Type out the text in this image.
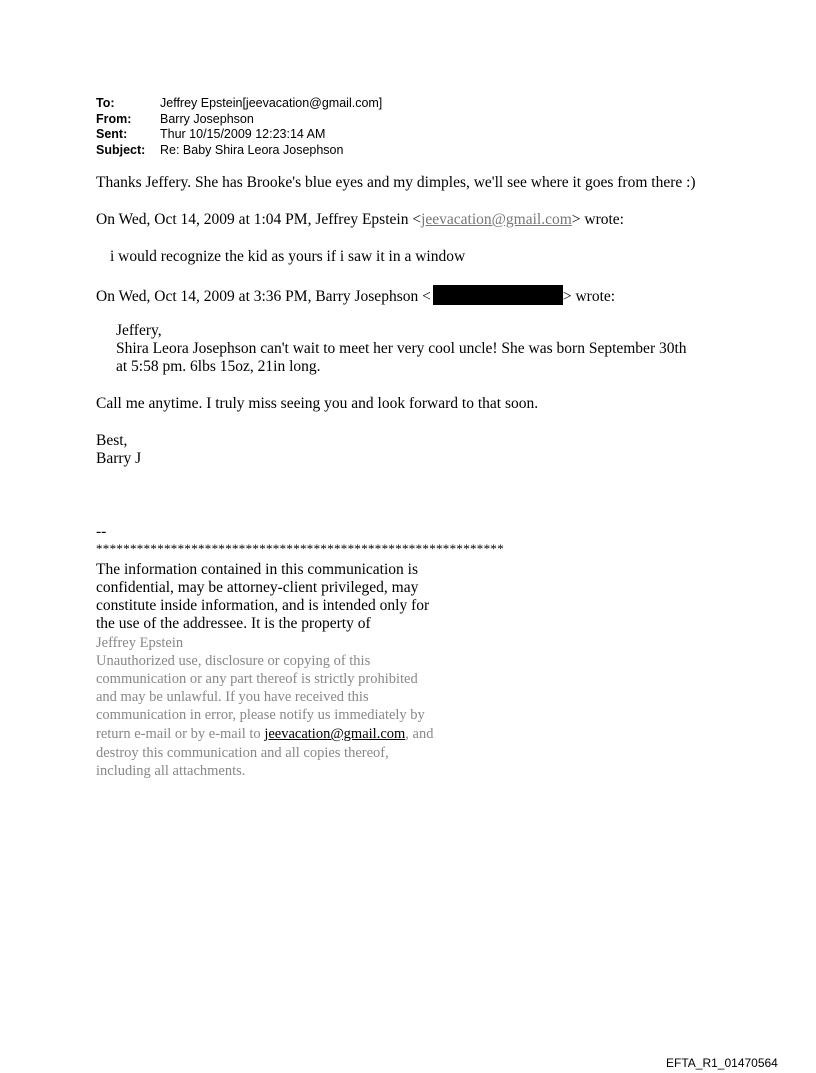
To:	Jeffrey Epstein[jeevacation@gmail.com]
From:	Barry Josephson
Sent:	Thur 10/15/2009 12:23:14 AM
Subject:	Re: Baby Shira Leora Josephson
Thanks Jeffery. She has Brooke's blue eyes and my dimples, we'll see where it goes from there :)
On Wed, Oct 14, 2009 at 1:04 PM, Jeffrey Epstein <jeevacation@gmail.com> wrote:
i would recognize the kid as yours if i saw it in a window
On Wed, Oct 14, 2009 at 3:36 PM, Barry Josephson <	> wrote:
Jeffery,
Shira Leora Josephson can't wait to meet her very cool uncle! She was born September 30th
at 5:58 pm. 6lbs 15oz, 21in long.
Call me anytime. I truly miss seeing you and look forward to that soon.
Best,
Barry J
--
************************************************************
The information contained in this communication is
confidential, may be attorney-client privileged, may
constitute inside information, and is intended only for
the use of the addressee. It is the property of
Jeffrey Epstein
Unauthorized use, disclosure or copying of this
communication or any part thereof is strictly prohibited
and may be unlawful. If you have received this
communication in error, please notify us immediately by
return e-mail or by e-mail to jeevacation@gmail.com, and
destroy this communication and all copies thereof,
including all attachments.
EFTA_R1_01470564
